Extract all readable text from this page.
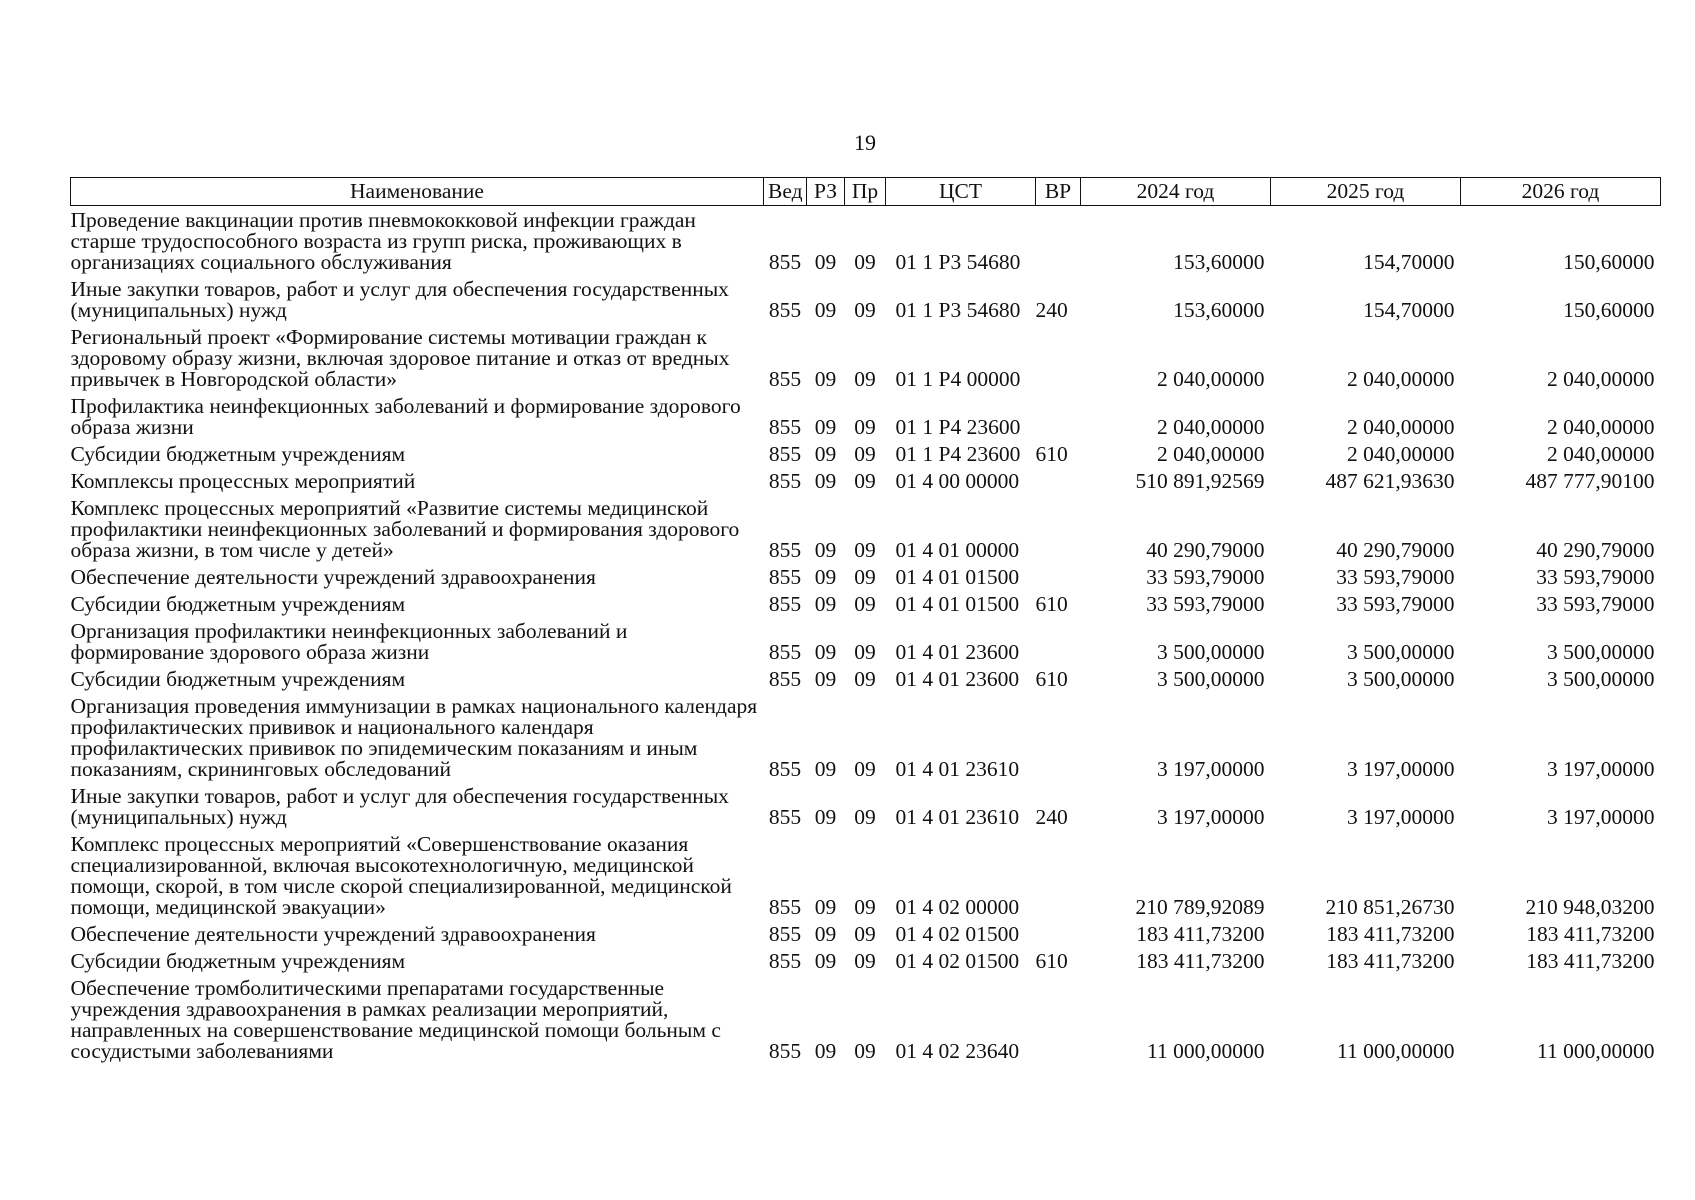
19
Наименование	Вед	РЗ	Пр	ЦСТ	ВР	2024 год	2025 год	2026 год
Проведение вакцинации против пневмококковой инфекции граждан старше трудоспособного возраста из групп риска, проживающих в организациях социального обслуживания	855	09	09	01 1 Р3 54680		153,60000	154,70000	150,60000
Иные закупки товаров, работ и услуг для обеспечения государственных (муниципальных) нужд	855	09	09	01 1 Р3 54680	240	153,60000	154,70000	150,60000
Региональный проект «Формирование системы мотивации граждан к здоровому образу жизни, включая здоровое питание и отказ от вредных привычек в Новгородской области»	855	09	09	01 1 Р4 00000		2 040,00000	2 040,00000	2 040,00000
Профилактика неинфекционных заболеваний и формирование здорового образа жизни	855	09	09	01 1 Р4 23600		2 040,00000	2 040,00000	2 040,00000
Субсидии бюджетным учреждениям	855	09	09	01 1 Р4 23600	610	2 040,00000	2 040,00000	2 040,00000
Комплексы процессных мероприятий	855	09	09	01 4 00 00000		510 891,92569	487 621,93630	487 777,90100
Комплекс процессных мероприятий «Развитие системы медицинской профилактики неинфекционных заболеваний и формирования здорового образа жизни, в том числе у детей»	855	09	09	01 4 01 00000		40 290,79000	40 290,79000	40 290,79000
Обеспечение деятельности учреждений здравоохранения	855	09	09	01 4 01 01500		33 593,79000	33 593,79000	33 593,79000
Субсидии бюджетным учреждениям	855	09	09	01 4 01 01500	610	33 593,79000	33 593,79000	33 593,79000
Организация профилактики неинфекционных заболеваний и формирование здорового образа жизни	855	09	09	01 4 01 23600		3 500,00000	3 500,00000	3 500,00000
Субсидии бюджетным учреждениям	855	09	09	01 4 01 23600	610	3 500,00000	3 500,00000	3 500,00000
Организация проведения иммунизации в рамках национального календаря профилактических прививок и национального календаря профилактических прививок по эпидемическим показаниям и иным показаниям, скрининговых обследований	855	09	09	01 4 01 23610		3 197,00000	3 197,00000	3 197,00000
Иные закупки товаров, работ и услуг для обеспечения государственных (муниципальных) нужд	855	09	09	01 4 01 23610	240	3 197,00000	3 197,00000	3 197,00000
Комплекс процессных мероприятий «Совершенствование оказания специализированной, включая высокотехнологичную, медицинской помощи, скорой, в том числе скорой специализированной, медицинской помощи, медицинской эвакуации»	855	09	09	01 4 02 00000		210 789,92089	210 851,26730	210 948,03200
Обеспечение деятельности учреждений здравоохранения	855	09	09	01 4 02 01500		183 411,73200	183 411,73200	183 411,73200
Субсидии бюджетным учреждениям	855	09	09	01 4 02 01500	610	183 411,73200	183 411,73200	183 411,73200
Обеспечение тромболитическими препаратами государственные учреждения здравоохранения в рамках реализации мероприятий, направленных на совершенствование медицинской помощи больным с сосудистыми заболеваниями	855	09	09	01 4 02 23640		11 000,00000	11 000,00000	11 000,00000
